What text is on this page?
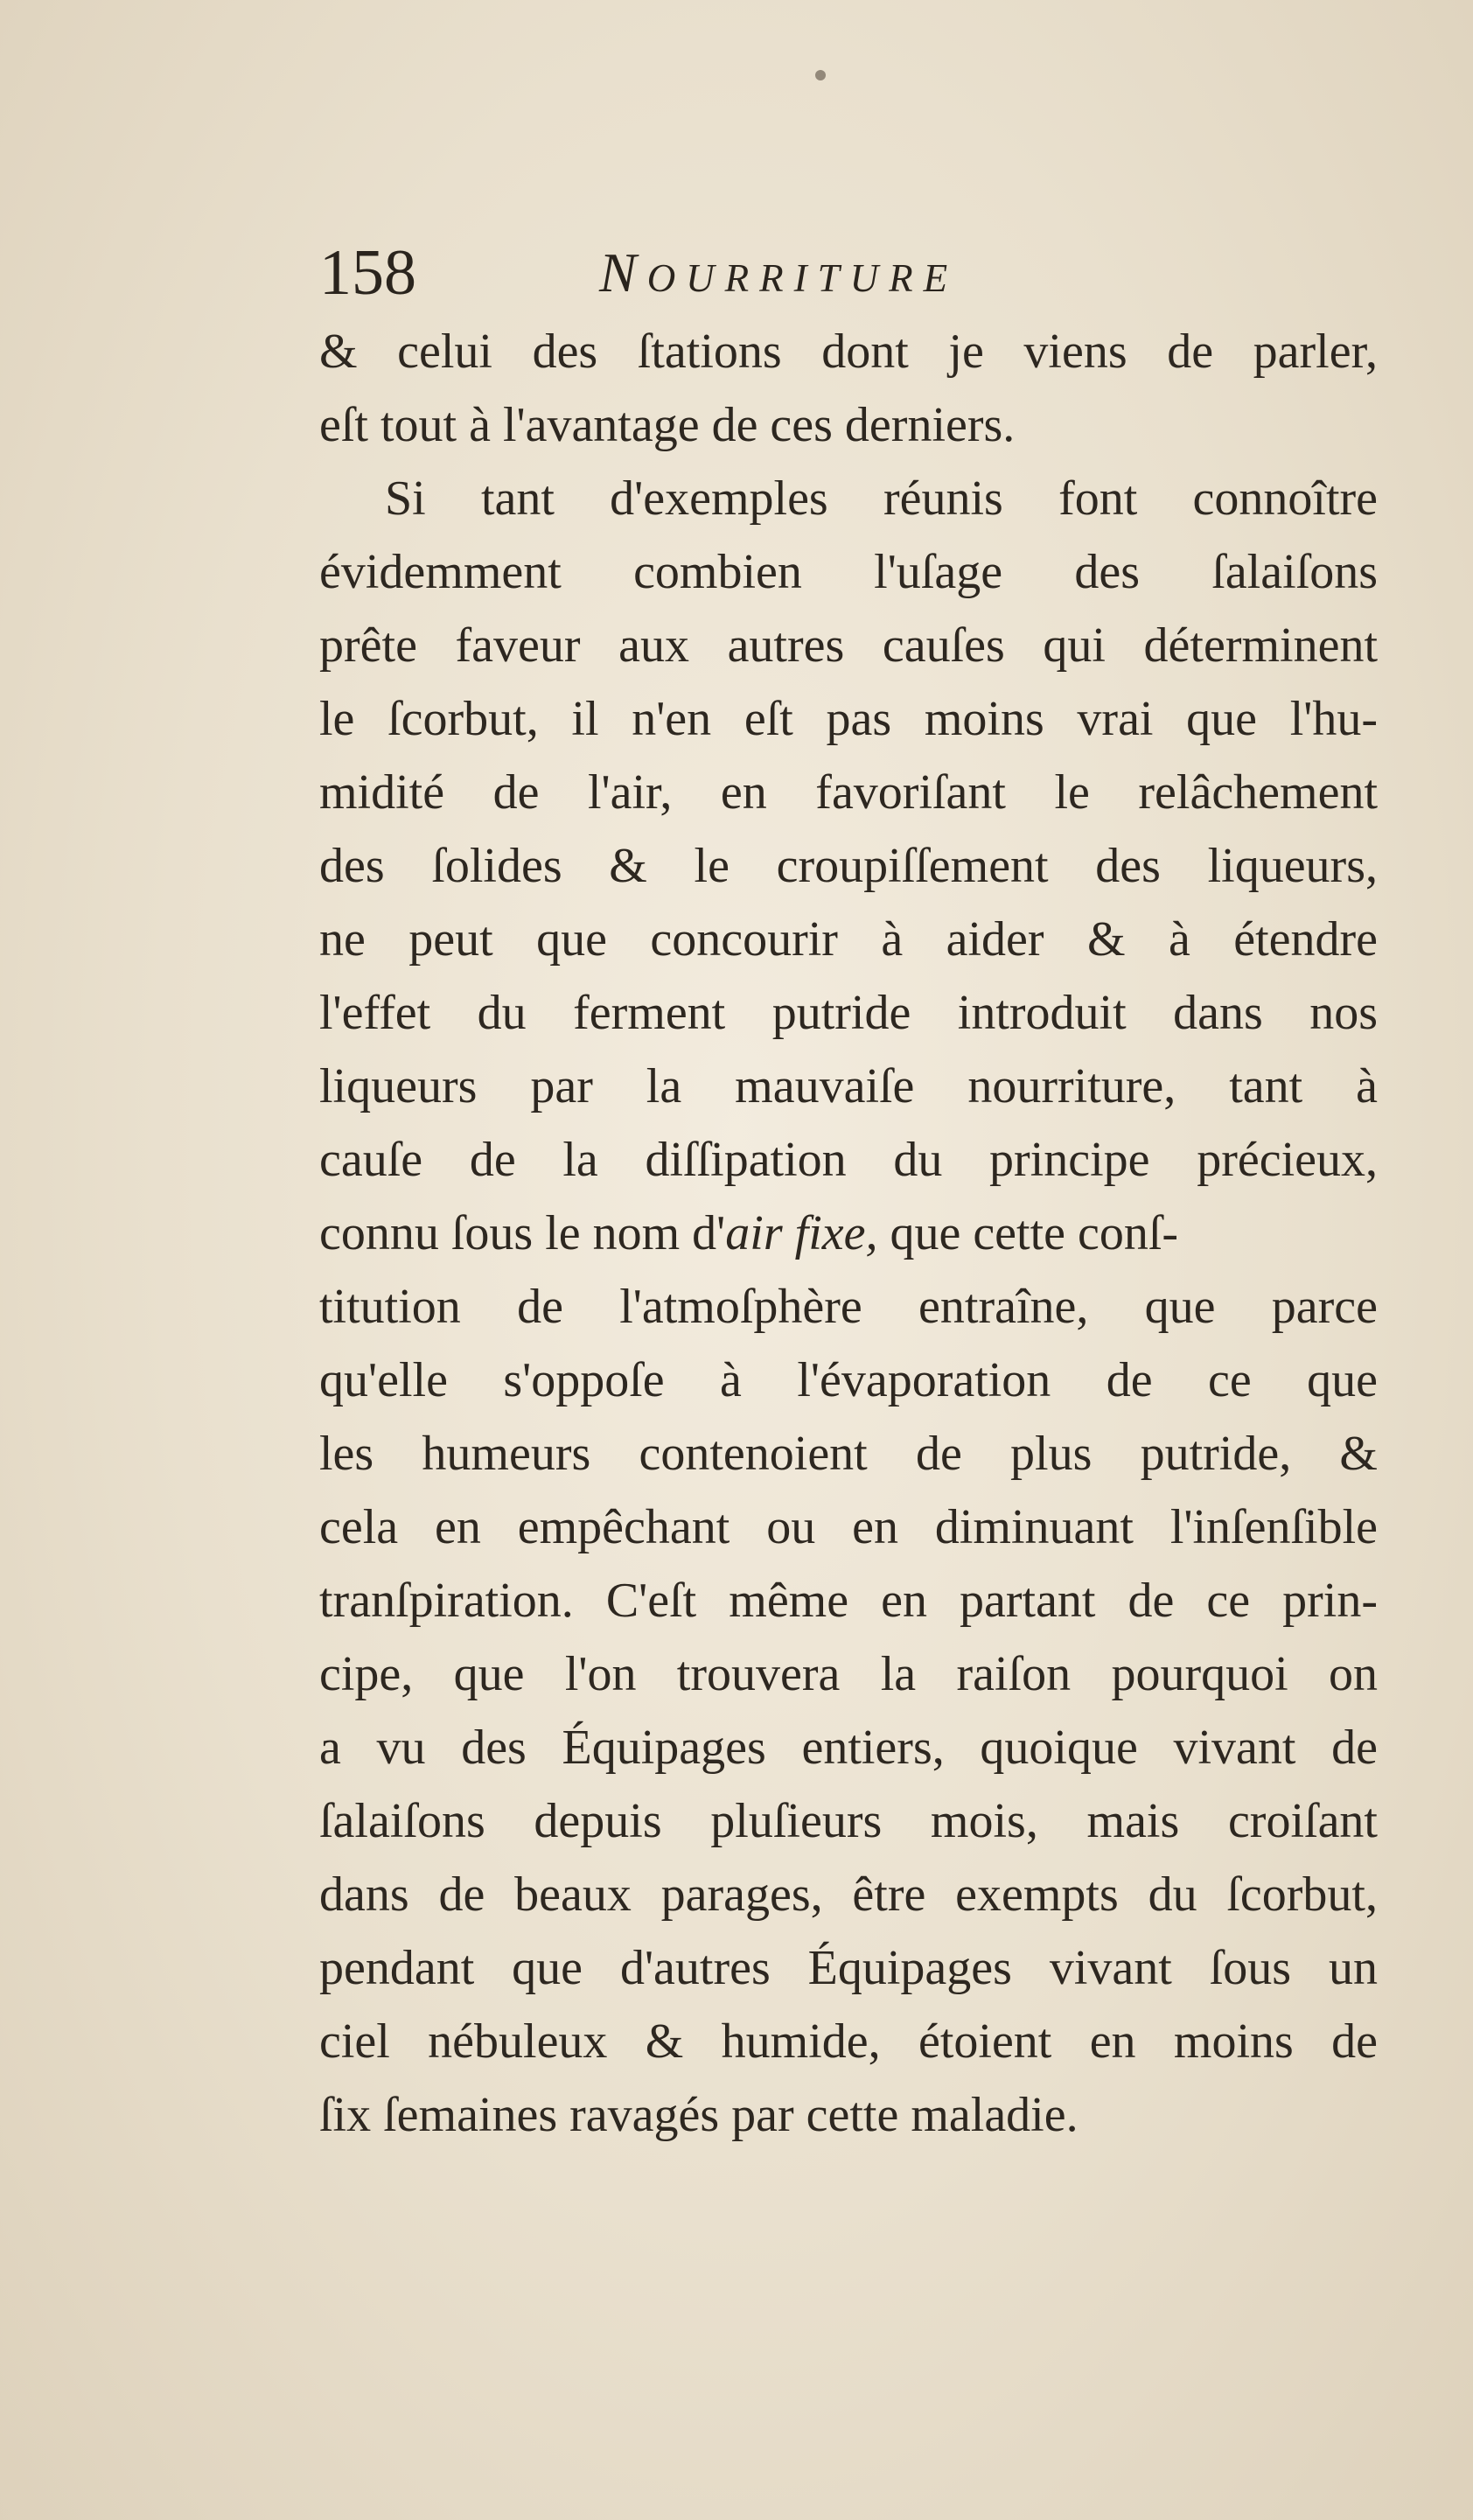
158	Nourriture
& celui des ſtations dont je viens de parler,
eſt tout à l'avantage de ces derniers.
Si tant d'exemples réunis font connoître
évidemment combien l'uſage des ſalaiſons
prête faveur aux autres cauſes qui déterminent
le ſcorbut, il n'en eſt pas moins vrai que l'hu-
midité de l'air, en favoriſant le relâchement
des ſolides & le croupiſſement des liqueurs,
ne peut que concourir à aider & à étendre
l'effet du ferment putride introduit dans nos
liqueurs par la mauvaiſe nourriture, tant à
cauſe de la diſſipation du principe précieux,
connu ſous le nom d'air fixe, que cette conſ-
titution de l'atmoſphère entraîne, que parce
qu'elle s'oppoſe à l'évaporation de ce que
les humeurs contenoient de plus putride, &
cela en empêchant ou en diminuant l'inſenſible
tranſpiration. C'eſt même en partant de ce prin-
cipe, que l'on trouvera la raiſon pourquoi on
a vu des Équipages entiers, quoique vivant de
ſalaiſons depuis pluſieurs mois, mais croiſant
dans de beaux parages, être exempts du ſcorbut,
pendant que d'autres Équipages vivant ſous un
ciel nébuleux & humide, étoient en moins de
ſix ſemaines ravagés par cette maladie.
